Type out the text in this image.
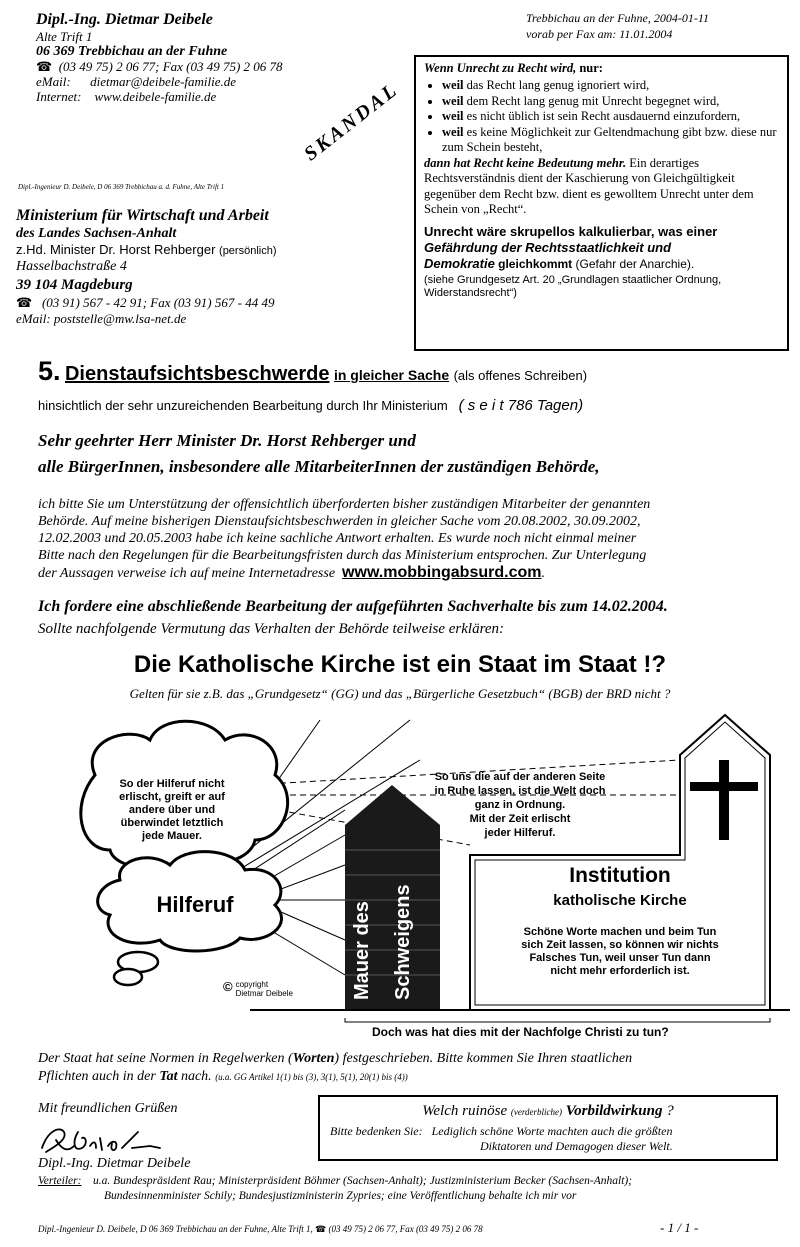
Dipl.-Ing. Dietmar Deibele
Alte Trift 1
06 369 Trebbichau an der Fuhne
☎ (03 49 75) 2 06 77; Fax (03 49 75) 2 06 78
eMail: dietmar@deibele-familie.de
Internet: www.deibele-familie.de	SKANDAL
Trebbichau an der Fuhne, 2004-01-11
vorab per Fax am: 11.01.2004
Wenn Unrecht zu Recht wird, nur:
• weil das Recht lang genug ignoriert wird,
• weil dem Recht lang genug mit Unrecht begegnet wird,
• weil es nicht üblich ist sein Recht ausdauernd einzufordern,
• weil es keine Möglichkeit zur Geltendmachung gibt bzw. diese nur zum Schein besteht,

dann hat Recht keine Bedeutung mehr. Ein derartiges Rechtsverständnis dient der Kaschierung von Gleichgültigkeit gegenüber dem Recht bzw. dient es gewolltem Unrecht unter dem Schein von „Recht“.

Unrecht wäre skrupellos kalkulierbar, was einer
Gefährdung der Rechtsstaatlichkeit und
Demokratie gleichkommt (Gefahr der Anarchie).
(siehe Grundgesetz Art. 20 „Grundlagen staatlicher Ordnung, Widerstandsrecht“)
Dipl.-Ingenieur D. Deibele, D 06 369 Trebbichau a. d. Fuhne, Alte Trift 1
Ministerium für Wirtschaft und Arbeit
des Landes Sachsen-Anhalt
z.Hd. Minister Dr. Horst Rehberger (persönlich)
Hasselbachstraße 4
39 104 Magdeburg
☎ (03 91) 567 - 42 91; Fax (03 91) 567 - 44 49
eMail: poststelle@mw.lsa-net.de
5. Dienstaufsichtsbeschwerde in gleicher Sache (als offenes Schreiben)
hinsichtlich der sehr unzureichenden Bearbeitung durch Ihr Ministerium ( s e i t 786 Tagen)
Sehr geehrter Herr Minister Dr. Horst Rehberger und
alle BürgerInnen, insbesondere alle MitarbeiterInnen der zuständigen Behörde,
ich bitte Sie um Unterstützung der offensichtlich überforderten bisher zuständigen Mitarbeiter der genannten
Behörde. Auf meine bisherigen Dienstaufsichtsbeschwerden in gleicher Sache vom 20.08.2002, 30.09.2002,
12.02.2003 und 20.05.2003 habe ich keine sachliche Antwort erhalten. Es wurde noch nicht einmal meiner
Bitte nach den Regelungen für die Bearbeitungsfristen durch das Ministerium entsprochen. Zur Unterlegung
der Aussagen verweise ich auf meine Internetadresse www.mobbingabsurd.com.
Ich fordere eine abschließende Bearbeitung der aufgeführten Sachverhalte bis zum 14.02.2004.
Sollte nachfolgende Vermutung das Verhalten der Behörde teilweise erklären:
Die Katholische Kirche ist ein Staat im Staat !?
Gelten für sie z.B. das „Grundgesetz“ (GG) und das „Bürgerliche Gesetzbuch“ (BGB) der BRD nicht ?
So der Hilferuf nicht
erlischt, greift er auf
andere über und
überwindet letztlich
jede Mauer.
Hilferuf	Mauer des Schweigens
So uns die auf der anderen Seite
in Ruhe lassen, ist die Welt doch
ganz in Ordnung.
Mit der Zeit erlischt
jeder Hilferuf.
Institution
katholische Kirche
Schöne Worte machen und beim Tun
sich Zeit lassen, so können wir nichts
Falsches Tun, weil unser Tun dann
nicht mehr erforderlich ist.
© copyright
Dietmar Deibele
Doch was hat dies mit der Nachfolge Christi zu tun?
Der Staat hat seine Normen in Regelwerken (Worten) festgeschrieben. Bitte kommen Sie Ihren staatlichen
Pflichten auch in der Tat nach. (u.a. GG Artikel 1(1) bis (3), 3(1), 5(1), 20(1) bis (4))
Mit freundlichen Grüßen
Dipl.-Ing. Dietmar Deibele
Welch ruinöse (verderbliche) Vorbildwirkung ?
Bitte bedenken Sie: Lediglich schöne Worte machten auch die größten
Diktatoren und Demagogen dieser Welt.
Verteiler: u.a. Bundespräsident Rau; Ministerpräsident Böhmer (Sachsen-Anhalt); Justizministerium Becker (Sachsen-Anhalt);
Bundesinnenminister Schily; Bundesjustizministerin Zypries; eine Veröffentlichung behalte ich mir vor
Dipl.-Ingenieur D. Deibele, D 06 369 Trebbichau an der Fuhne, Alte Trift 1, ☎ (03 49 75) 2 06 77, Fax (03 49 75) 2 06 78	- 1 / 1 -
